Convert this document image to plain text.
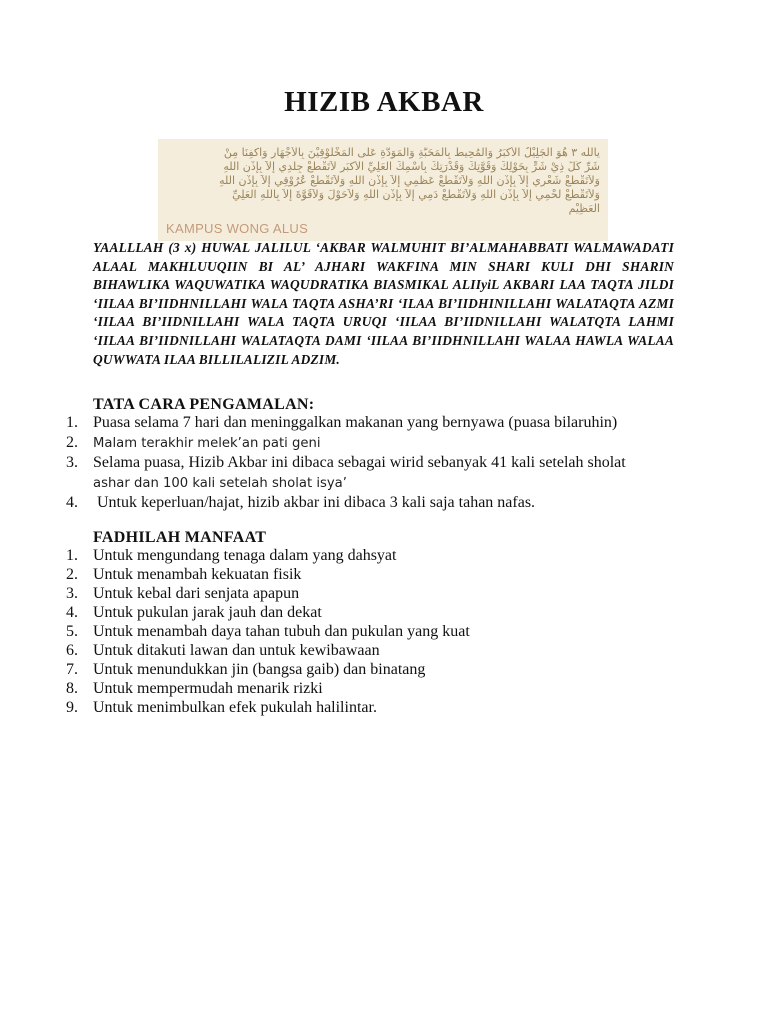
HIZIB AKBAR
يالله ٣ هُوَ الْجَلِيْلُ الأَكْبَرُ وَالْمُحِيطُ بِالْمَحَبَّةِ وَالْمَوَدَّةِ عَلَى الْمَخْلُوْقِيْنَ بِالأَجْهَارِ وَاكْفِنَا مِنْ
شَرِّ كُلِّ ذِيْ شَرٍّ بِحَوْلِكَ وَقُوَّتِكَ وَقُدْرَتِكَ بِاسْمِكَ الْعَلِيِّ الأَكْبَرِ لاَتَقْطَعْ جِلْدِي إِلاَّ بِإِذْنِ اللهِ
وَلاَتَقْطَعْ شَعْرِي إِلاَّ بِإِذْنِ اللهِ وَلاَتَقْطَعْ عَظْمِي إِلاَّ بِإِذْنِ اللهِ وَلاَتَقْطَعْ عُرُوْقِي إِلاَّ بِإِذْنِ اللهِ
وَلاَتَقْطَعْ لَحْمِي إِلاَّ بِإِذْنِ اللهِ وَلاَتَقْطَعْ دَمِي إِلاَّ بِإِذْنِ اللهِ وَلاَحَوْلَ وَلاَقُوَّةَ إِلاَّ بِاللهِ الْعَلِيِّ
الْعَظِيْمِ
KAMPUS WONG ALUS
YAALLLAH (3 x) HUWAL JALILUL ‘AKBAR WALMUHIT BI’ALMAHABBATI WALMAWADATI ALAAL MAKHLUUQIIN BI AL’ AJHARI WAKFINA MIN SHARI KULI DHI SHARIN BIHAWLIKA WAQUWATIKA WAQUDRATIKA BIASMIKAL ALIIyiL AKBARI LAA TAQTA JILDI ‘IILAA BI’IIDHNILLAHI WALA TAQTA ASHA’RI ‘ILAA BI’IIDHINILLAHI WALATAQTA AZMI ‘IILAA BI’IIDNILLAHI WALA TAQTA URUQI ‘IILAA BI’IIDNILLAHI WALATQTA LAHMI ‘IILAA BI’IIDNILLAHI WALATAQTA DAMI ‘IILAA BI’IIDHNILLAHI WALAA HAWLA WALAA QUWWATA ILAA BILLILALIZIL ADZIM.
TATA CARA PENGAMALAN:
1. Puasa selama 7 hari dan meninggalkan makanan yang bernyawa (puasa bilaruhin)
2. Malam terakhir melek’an pati geni
3. Selama puasa, Hizib Akbar ini dibaca sebagai wirid sebanyak 41 kali setelah sholat
ashar dan 100 kali setelah sholat isya’
4. Untuk keperluan/hajat, hizib akbar ini dibaca 3 kali saja tahan nafas.
FADHILAH MANFAAT
1. Untuk mengundang tenaga dalam yang dahsyat
2. Untuk menambah kekuatan fisik
3. Untuk kebal dari senjata apapun
4. Untuk pukulan jarak jauh dan dekat
5. Untuk menambah daya tahan tubuh dan pukulan yang kuat
6. Untuk ditakuti lawan dan untuk kewibawaan
7. Untuk menundukkan jin (bangsa gaib) dan binatang
8. Untuk mempermudah menarik rizki
9. Untuk menimbulkan efek pukulah halilintar.
